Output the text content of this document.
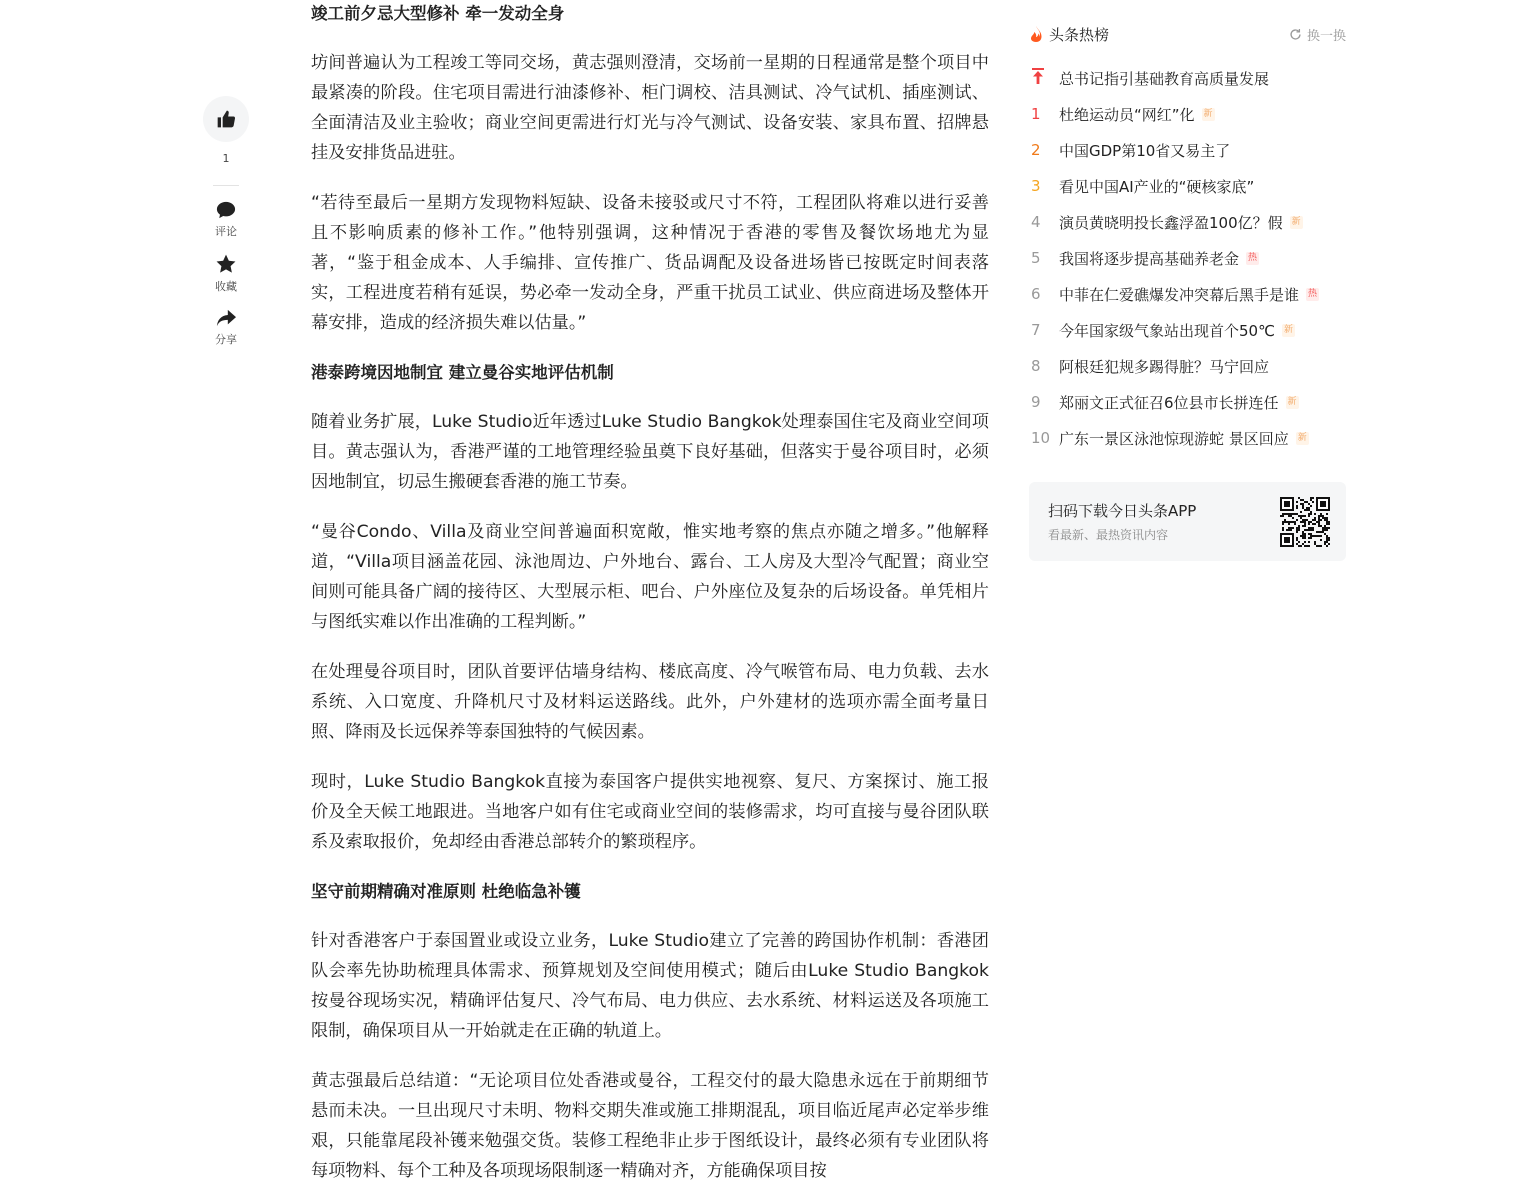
1
评论
收藏
分享
竣工前夕忌大型修补 牵一发动全身

坊间普遍认为工程竣工等同交场，黄志强则澄清，交场前一星期的日程通常是整个项目中最紧凑的阶段。住宅项目需进行油漆修补、柜门调校、洁具测试、冷气试机、插座测试、全面清洁及业主验收；商业空间更需进行灯光与冷气测试、设备安装、家具布置、招牌悬挂及安排货品进驻。

“若待至最后一星期方发现物料短缺、设备未接驳或尺寸不符，工程团队将难以进行妥善且不影响质素的修补工作。”他特别强调，这种情况于香港的零售及餐饮场地尤为显著，“鉴于租金成本、人手编排、宣传推广、货品调配及设备进场皆已按既定时间表落实，工程进度若稍有延误，势必牵一发动全身，严重干扰员工试业、供应商进场及整体开幕安排，造成的经济损失难以估量。”

港泰跨境因地制宜 建立曼谷实地评估机制

随着业务扩展，Luke Studio近年透过Luke Studio Bangkok处理泰国住宅及商业空间项目。黄志强认为，香港严谨的工地管理经验虽奠下良好基础，但落实于曼谷项目时，必须因地制宜，切忌生搬硬套香港的施工节奏。

“曼谷Condo、Villa及商业空间普遍面积宽敞，惟实地考察的焦点亦随之增多。”他解释道，“Villa项目涵盖花园、泳池周边、户外地台、露台、工人房及大型冷气配置；商业空间则可能具备广阔的接待区、大型展示柜、吧台、户外座位及复杂的后场设备。单凭相片与图纸实难以作出准确的工程判断。”

在处理曼谷项目时，团队首要评估墙身结构、楼底高度、冷气喉管布局、电力负载、去水系统、入口宽度、升降机尺寸及材料运送路线。此外，户外建材的选项亦需全面考量日照、降雨及长远保养等泰国独特的气候因素。

现时，Luke Studio Bangkok直接为泰国客户提供实地视察、复尺、方案探讨、施工报价及全天候工地跟进。当地客户如有住宅或商业空间的装修需求，均可直接与曼谷团队联系及索取报价，免却经由香港总部转介的繁琐程序。

坚守前期精确对准原则 杜绝临急补镬

针对香港客户于泰国置业或设立业务，Luke Studio建立了完善的跨国协作机制：香港团队会率先协助梳理具体需求、预算规划及空间使用模式；随后由Luke Studio Bangkok按曼谷现场实况，精确评估复尺、冷气布局、电力供应、去水系统、材料运送及各项施工限制，确保项目从一开始就走在正确的轨道上。

黄志强最后总结道：“无论项目位处香港或曼谷，工程交付的最大隐患永远在于前期细节悬而未决。一旦出现尺寸未明、物料交期失准或施工排期混乱，项目临近尾声必定举步维艰，只能靠尾段补镬来勉强交货。装修工程绝非止步于图纸设计，最终必须有专业团队将每项物料、每个工种及各项现场限制逐一精确对齐，方能确保项目按

头条热榜	换一换
总书记指引基础教育高质量发展
1	杜绝运动员“网红”化 新
2	中国GDP第10省又易主了
3	看见中国AI产业的“硬核家底”
4	演员黄晓明投长鑫浮盈100亿？假 新
5	我国将逐步提高基础养老金 热
6	中菲在仁爱礁爆发冲突幕后黑手是谁 热
7	今年国家级气象站出现首个50℃ 新
8	阿根廷犯规多踢得脏？马宁回应
9	郑丽文正式征召6位县市长拼连任 新
10 广东一景区泳池惊现游蛇 景区回应 新
扫码下载今日头条APP
看最新、最热资讯内容
